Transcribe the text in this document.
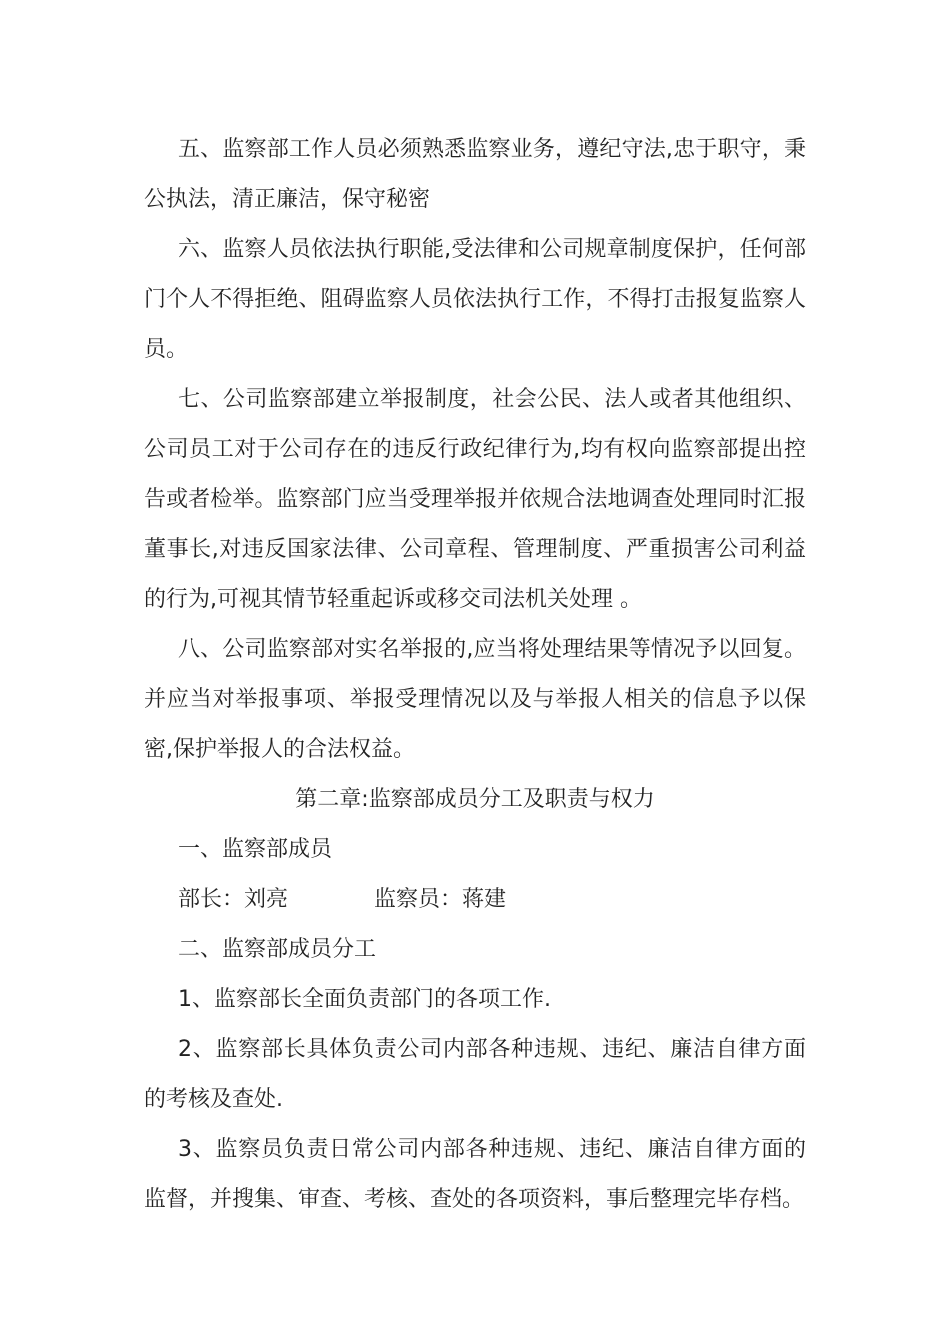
五、监察部工作人员必须熟悉监察业务，遵纪守法,忠于职守，秉公执法，清正廉洁，保守秘密

六、监察人员依法执行职能,受法律和公司规章制度保护，任何部门个人不得拒绝、阻碍监察人员依法执行工作，不得打击报复监察人员。

七、公司监察部建立举报制度，社会公民、法人或者其他组织、公司员工对于公司存在的违反行政纪律行为,均有权向监察部提出控告或者检举。监察部门应当受理举报并依规合法地调查处理同时汇报董事长,对违反国家法律、公司章程、管理制度、严重损害公司利益的行为,可视其情节轻重起诉或移交司法机关处理 。

八、公司监察部对实名举报的,应当将处理结果等情况予以回复。并应当对举报事项、举报受理情况以及与举报人相关的信息予以保密,保护举报人的合法权益。

第二章:监察部成员分工及职责与权力

一、监察部成员

部长：刘亮	监察员：蒋建

二、监察部成员分工

1、监察部长全面负责部门的各项工作.

2、监察部长具体负责公司内部各种违规、违纪、廉洁自律方面的考核及查处.

3、监察员负责日常公司内部各种违规、违纪、廉洁自律方面的监督，并搜集、审查、考核、查处的各项资料，事后整理完毕存档。
